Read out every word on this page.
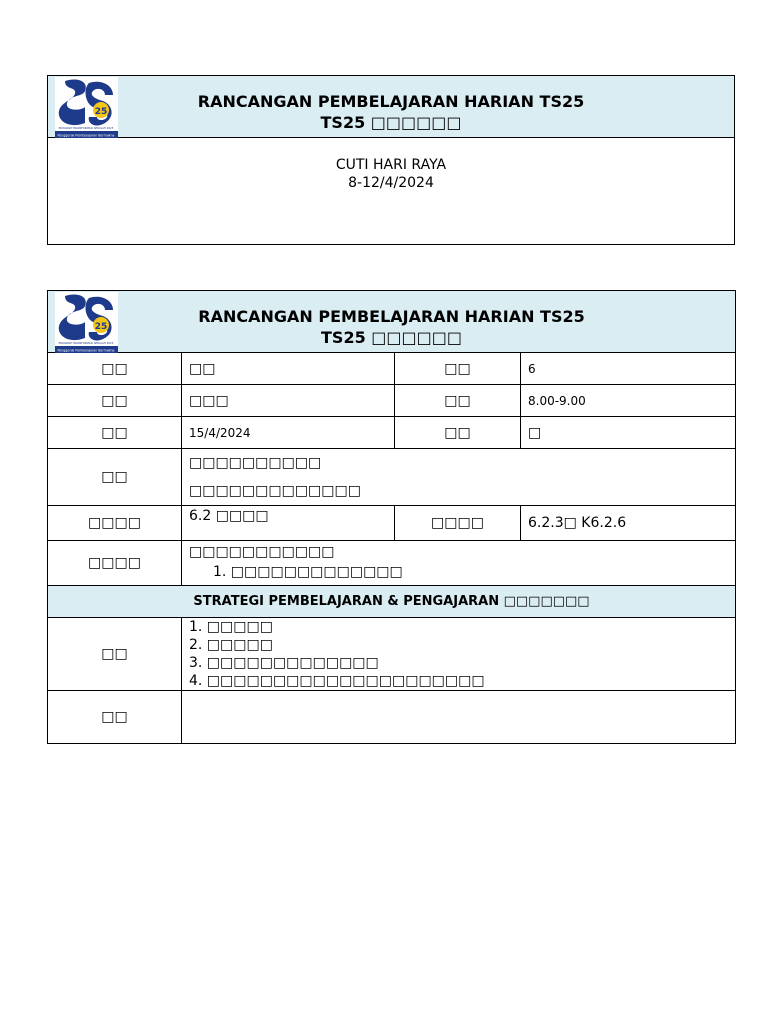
25
PROGRAM TRANSFORMASI SEKOLAH 2025
Penggerak Pembelajaran Bermakna
RANCANGAN PEMBELAJARAN HARIAN TS25
TS25 □□□□□□

CUTI HARI RAYA
8-12/4/2024
25
PROGRAM TRANSFORMASI SEKOLAH 2025
Penggerak Pembelajaran Bermakna
RANCANGAN PEMBELAJARAN HARIAN TS25
TS25 □□□□□□			

□□	□□	□□	6
□□	□□□	□□	8.00-9.00
□□	15/4/2024	□□	□
□□	□□□□□□□□□□
□□□□□□□□□□□□□		

□□□□	6.2 □□□□	□□□□	6.2.3□ K6.2.6
□□□□	□□□□□□□□□□□
1. □□□□□□□□□□□□□		

STRATEGI PEMBELAJARAN & PENGAJARAN □□□□□□□			
□□	1. □□□□□
2. □□□□□
3. □□□□□□□□□□□□□
4. □□□□□□□□□□□□□□□□□□□□□		

□□			
